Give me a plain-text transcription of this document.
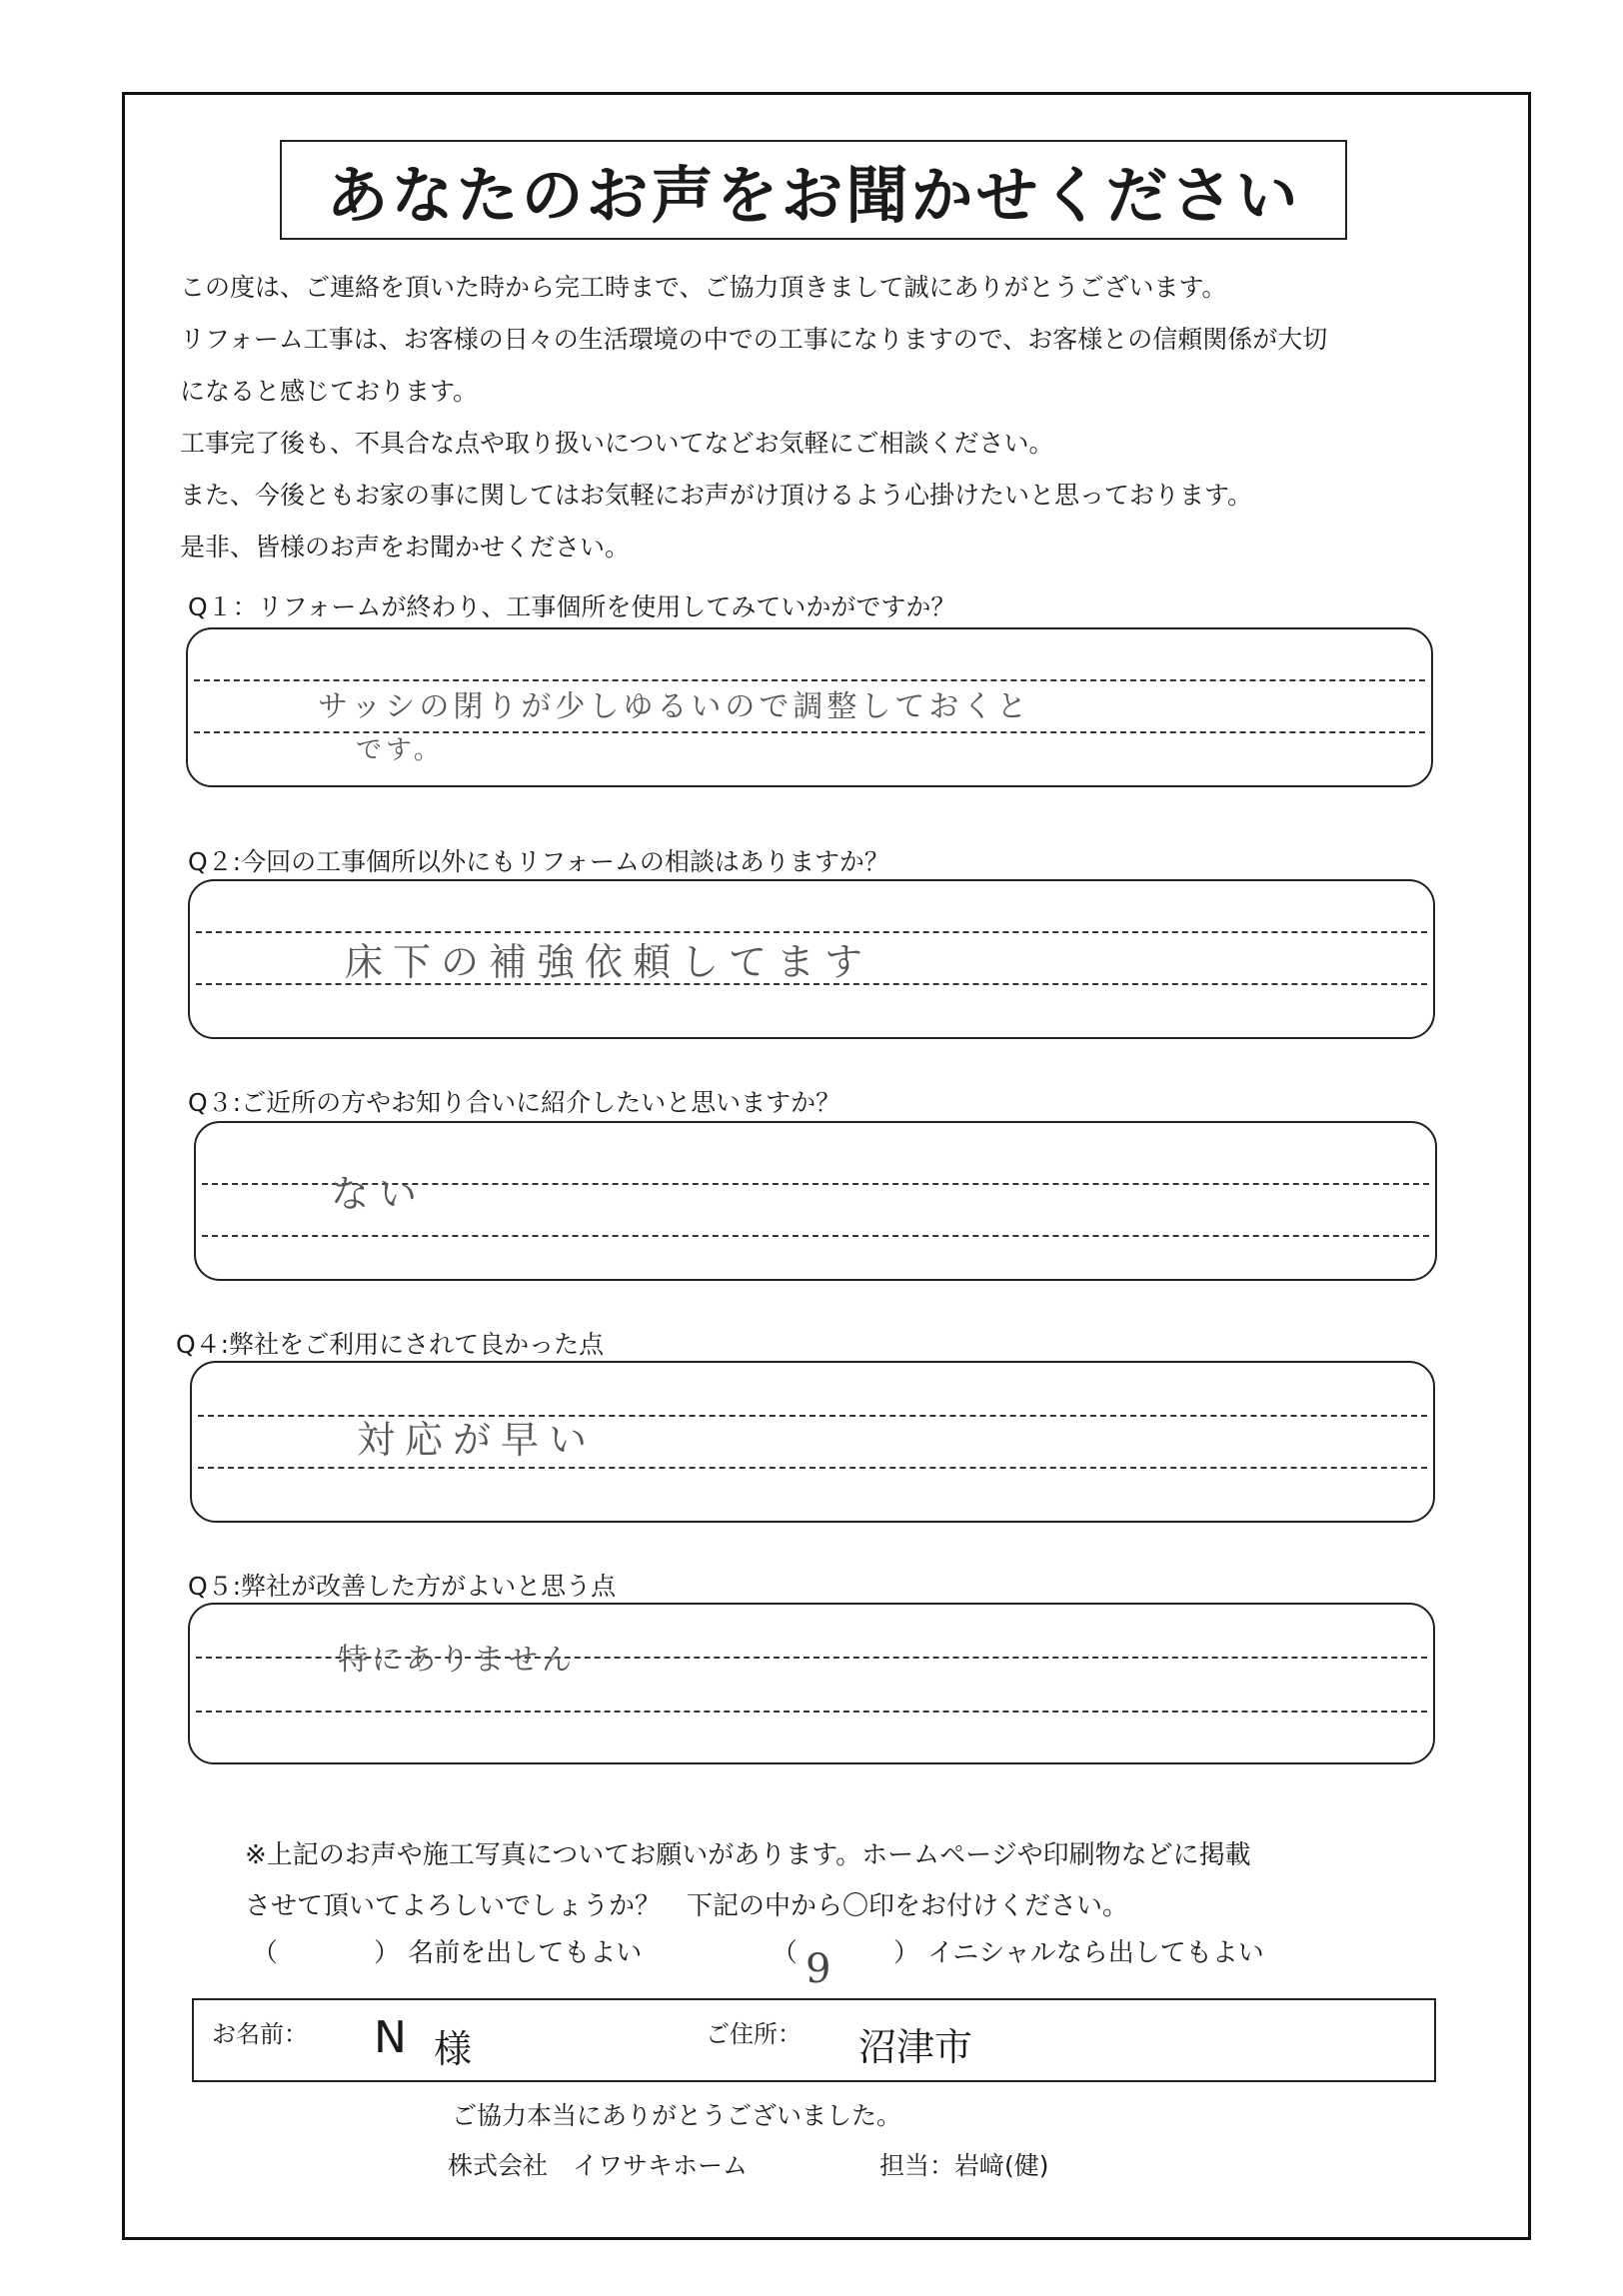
あなたのお声をお聞かせください
この度は、ご連絡を頂いた時から完工時まで、ご協力頂きまして誠にありがとうございます。
リフォーム工事は、お客様の日々の生活環境の中での工事になりますので、お客様との信頼関係が大切
になると感じております。
工事完了後も、不具合な点や取り扱いについてなどお気軽にご相談ください。
また、今後ともお家の事に関してはお気軽にお声がけ頂けるよう心掛けたいと思っております。
是非、皆様のお声をお聞かせください。
Q１：リフォームが終わり、工事個所を使用してみていかがですか？
サッシの閉りが少しゆるいので調整しておくと
です。
Q２:今回の工事個所以外にもリフォームの相談はありますか？
床下の補強依頼してます
Q３:ご近所の方やお知り合いに紹介したいと思いますか？
ない
Q４:弊社をご利用にされて良かった点
対応が早い
Q５:弊社が改善した方がよいと思う点
特にありません
※上記のお声や施工写真についてお願いがあります。ホームページや印刷物などに掲載
させて頂いてよろしいでしょうか？　下記の中から〇印をお付けください。
（	） 名前を出してもよい	（	） イニシャルなら出してもよい
9
お名前： N 様	ご住所： 沼津市
ご協力本当にありがとうございました。
株式会社　イワサキホーム	担当：岩﨑(健)
